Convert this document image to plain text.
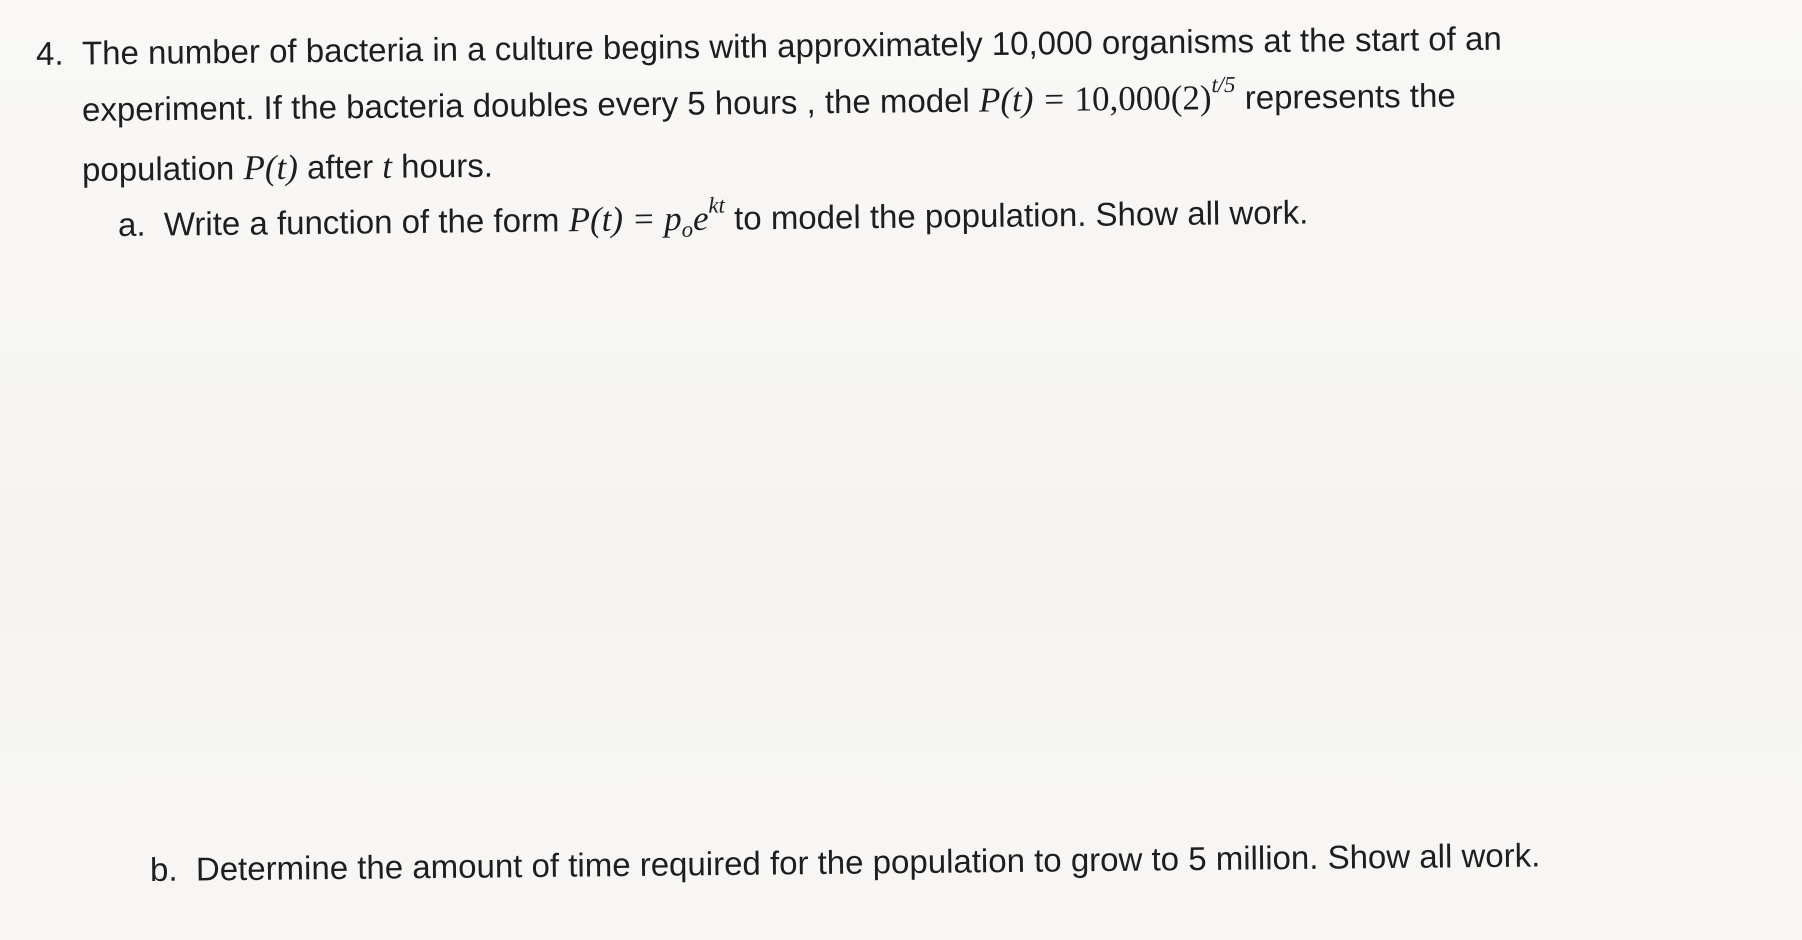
4. The number of bacteria in a culture begins with approximately 10,000 organisms at the start of an
experiment. If the bacteria doubles every 5 hours , the model $P(t) = 10,000(2)^{t/5}$ represents the
population P(t) after t hours.
a. Write a function of the form $P(t) = p_oe^{kt}$ to model the population. Show all work.
b. Determine the amount of time required for the population to grow to 5 million. Show all work.
